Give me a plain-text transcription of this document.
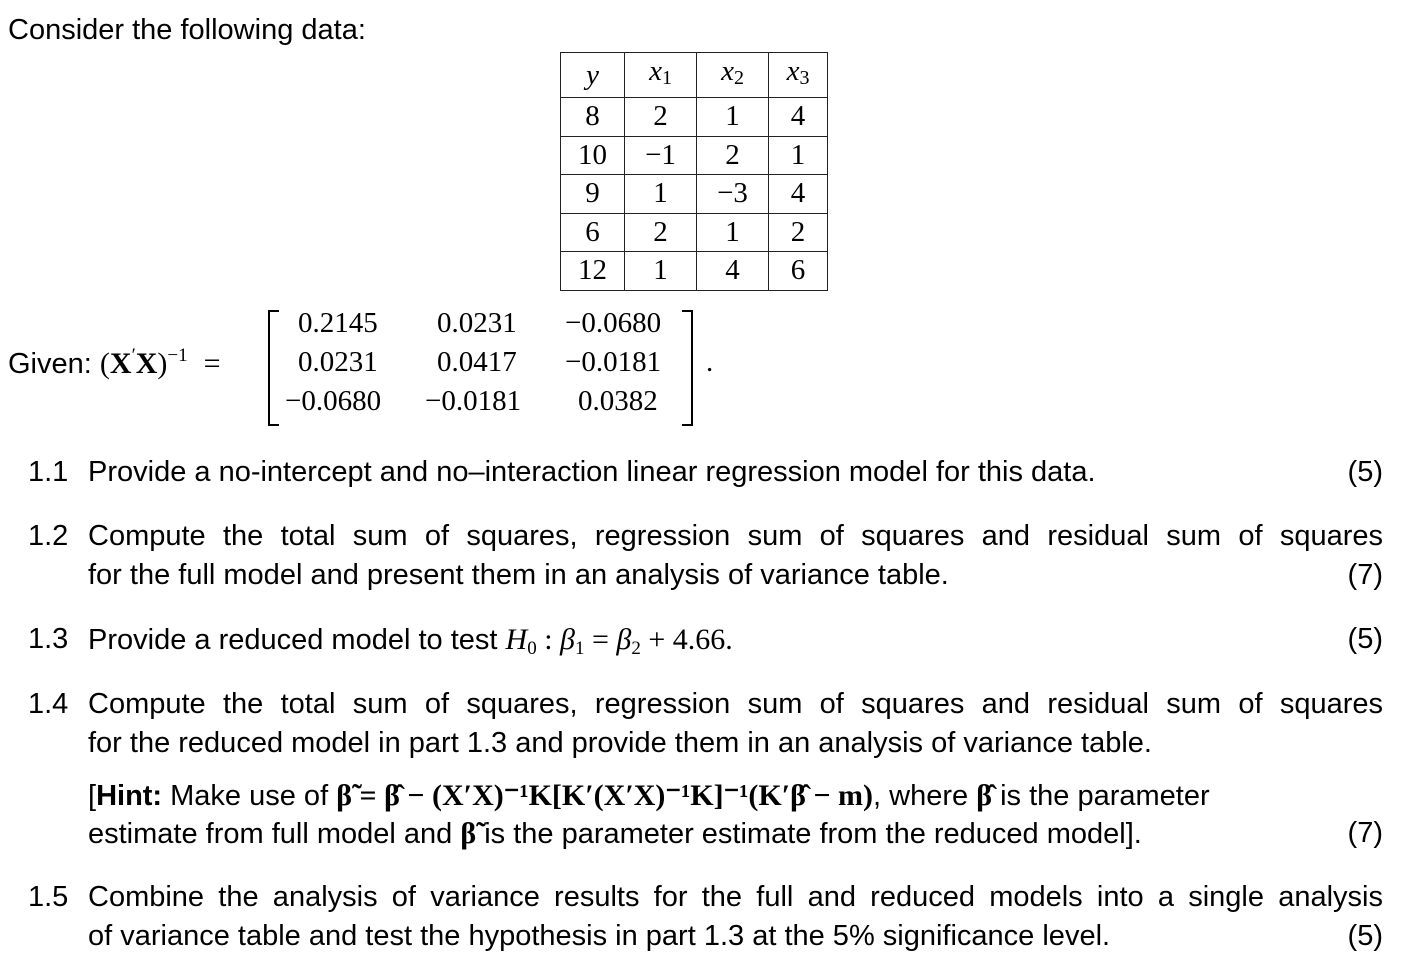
Consider the following data:
y	$x_1$	$x_2$	$x_3$
8	2	1	4
10	−1	2	1
9	1	−3	4
6	2	1	2
12	1	4	6
Given: $(X'X)^{-1}$ =
0.2145 0.0231 −0.0680
0.0231 0.0417 −0.0181
−0.0680 −0.0181 0.0382
.
1.1 Provide a no-intercept and no–interaction linear regression model for this data.	(5)
1.2 Compute the total sum of squares, regression sum of squares and residual sum of squares
for the full model and present them in an analysis of variance table.	(7)
1.3 Provide a reduced model to test $H_0$ : $\beta_1 = \beta_2 + 4.66$.	(5)
1.4 Compute the total sum of squares, regression sum of squares and residual sum of squares
for the reduced model in part 1.3 and provide them in an analysis of variance table.
[Hint: Make use of β̃ = β̂ − (X′X)⁻¹K[K′(X′X)⁻¹K]⁻¹(K′β̂ − m), where β̂ is the parameter
estimate from full model and β̃ is the parameter estimate from the reduced model].	(7)
1.5 Combine the analysis of variance results for the full and reduced models into a single analysis
of variance table and test the hypothesis in part 1.3 at the 5% significance level.	(5)
